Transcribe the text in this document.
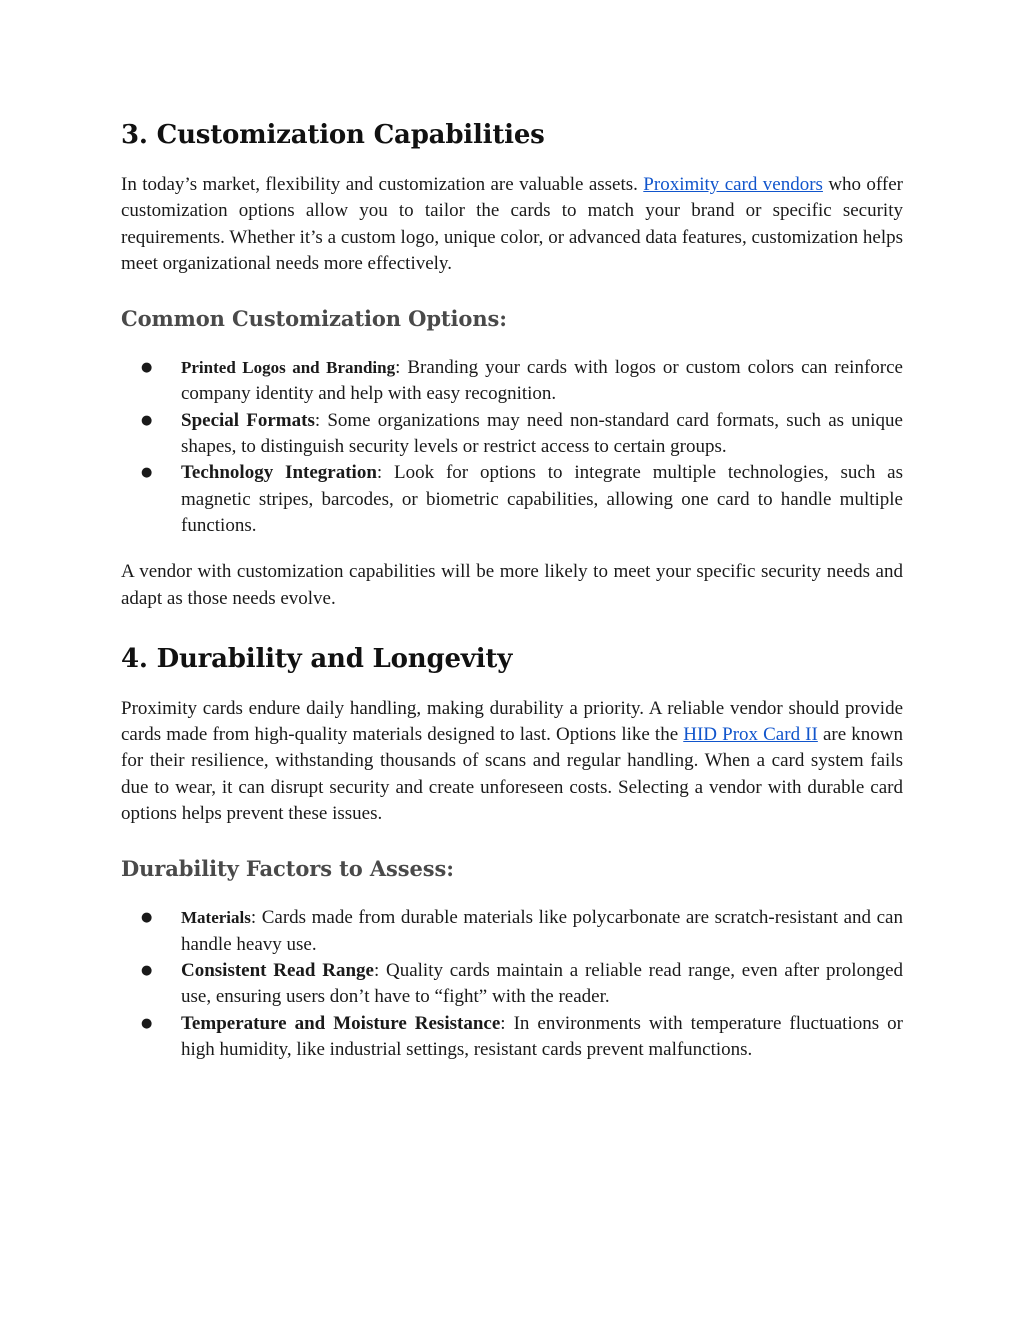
3. Customization Capabilities

In today’s market, flexibility and customization are valuable assets. Proximity card vendors who offer customization options allow you to tailor the cards to match your brand or specific security requirements. Whether it’s a custom logo, unique color, or advanced data features, customization helps meet organizational needs more effectively.

Common Customization Options:
● Printed Logos and Branding: Branding your cards with logos or custom colors can reinforce company identity and help with easy recognition.
● Special Formats: Some organizations may need non-standard card formats, such as unique shapes, to distinguish security levels or restrict access to certain groups.
● Technology Integration: Look for options to integrate multiple technologies, such as magnetic stripes, barcodes, or biometric capabilities, allowing one card to handle multiple functions.

A vendor with customization capabilities will be more likely to meet your specific security needs and adapt as those needs evolve.

4. Durability and Longevity

Proximity cards endure daily handling, making durability a priority. A reliable vendor should provide cards made from high-quality materials designed to last. Options like the HID Prox Card II are known for their resilience, withstanding thousands of scans and regular handling. When a card system fails due to wear, it can disrupt security and create unforeseen costs. Selecting a vendor with durable card options helps prevent these issues.

Durability Factors to Assess:
● Materials: Cards made from durable materials like polycarbonate are scratch-resistant and can handle heavy use.
● Consistent Read Range: Quality cards maintain a reliable read range, even after prolonged use, ensuring users don’t have to “fight” with the reader.
● Temperature and Moisture Resistance: In environments with temperature fluctuations or high humidity, like industrial settings, resistant cards prevent malfunctions.
